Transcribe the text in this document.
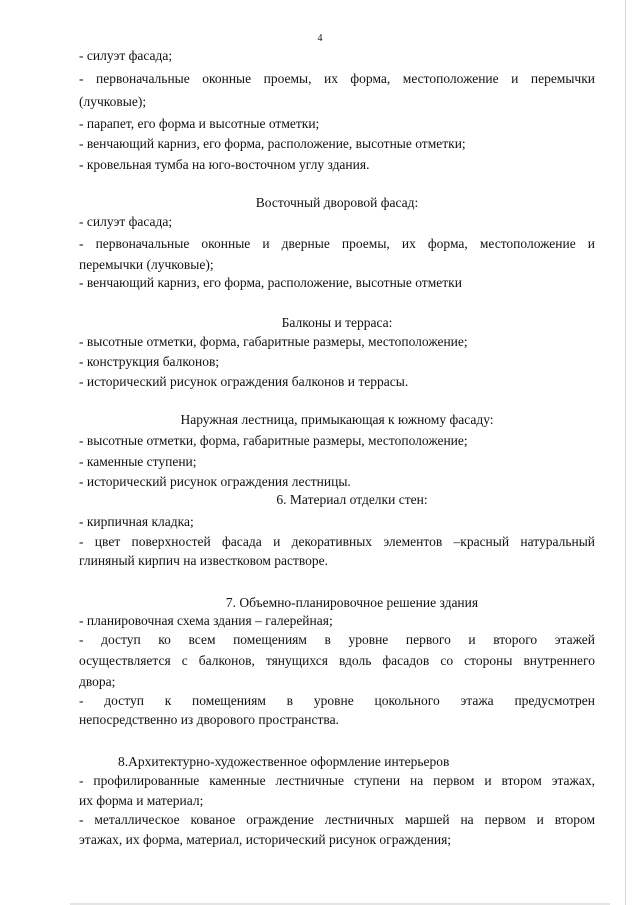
4
- силуэт фасада;
- первоначальные оконные проемы, их форма, местоположение и перемычки
(лучковые);
- парапет, его форма и высотные отметки;
- венчающий карниз, его форма, расположение, высотные отметки;
- кровельная тумба на юго-восточном углу здания.
Восточный дворовой фасад:
- силуэт фасада;
- первоначальные оконные и дверные проемы, их форма, местоположение и
перемычки (лучковые);
- венчающий карниз, его форма, расположение, высотные отметки
Балконы и терраса:
- высотные отметки, форма, габаритные размеры, местоположение;
- конструкция балконов;
- исторический рисунок ограждения балконов и террасы.
Наружная лестница, примыкающая к южному фасаду:
- высотные отметки, форма, габаритные размеры, местоположение;
- каменные ступени;
- исторический рисунок ограждения лестницы.
6. Материал отделки стен:
- кирпичная кладка;
- цвет поверхностей фасада и декоративных элементов –красный натуральный
глиняный кирпич на известковом растворе.
7. Объемно-планировочное решение здания
- планировочная схема здания – галерейная;
- доступ ко всем помещениям в уровне первого и второго этажей
осуществляется с балконов, тянущихся вдоль фасадов со стороны внутреннего
двора;
- доступ к помещениям в уровне цокольного этажа предусмотрен
непосредственно из дворового пространства.
8.Архитектурно-художественное оформление интерьеров
- профилированные каменные лестничные ступени на первом и втором этажах,
их форма и материал;
- металлическое кованое ограждение лестничных маршей на первом и втором
этажах, их форма, материал, исторический рисунок ограждения;
